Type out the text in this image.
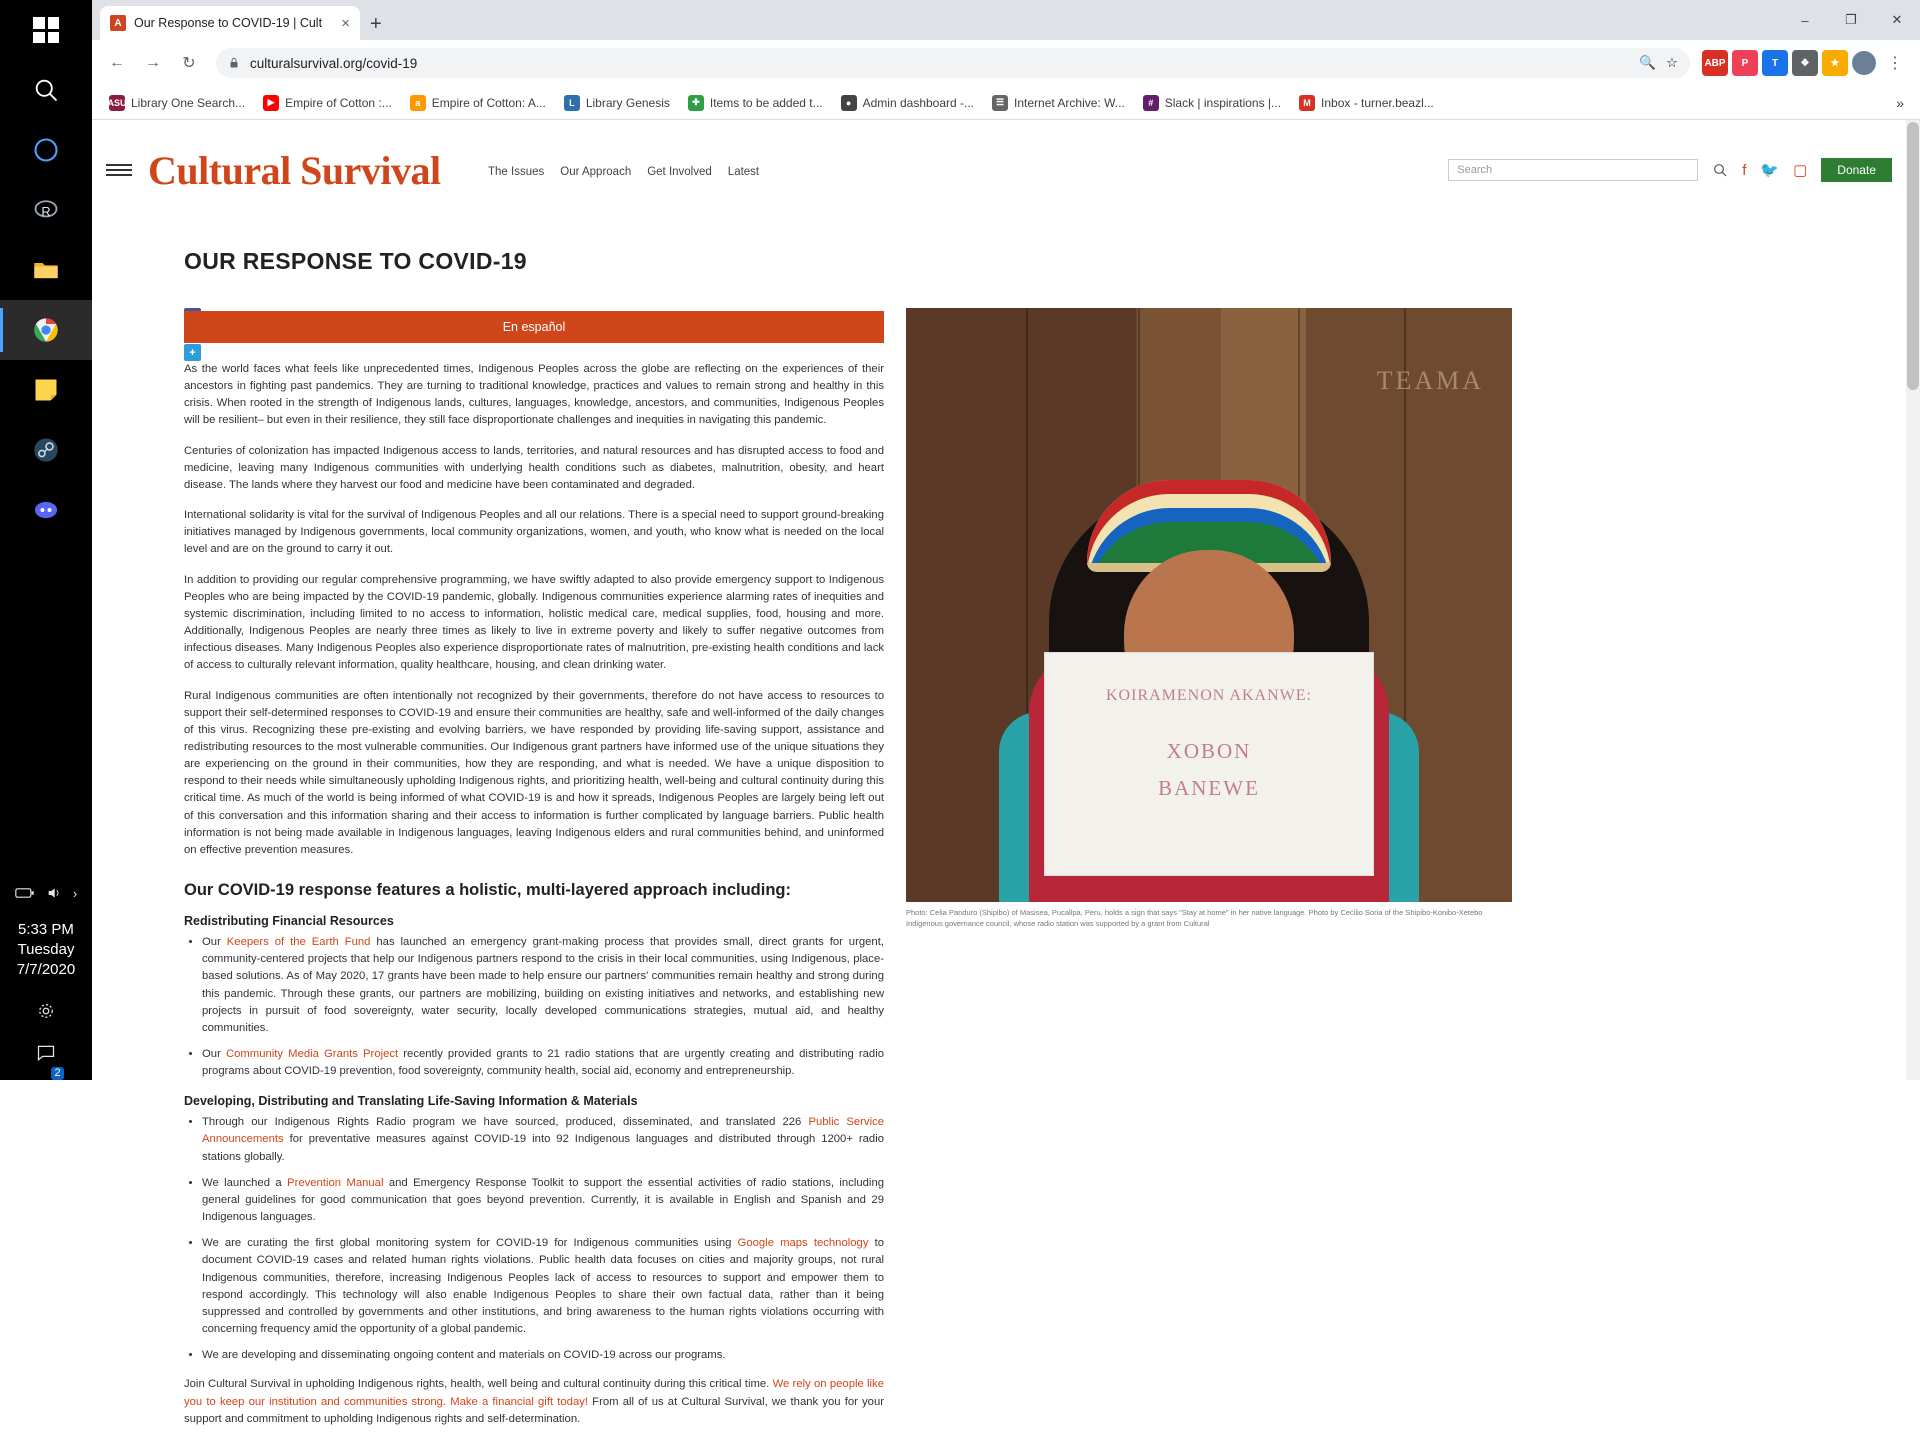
R
›
5:33 PM
Tuesday
7/7/2020
2
A Our Response to COVID-19 | Cult	× +	–	❐	✕
←	→	↻	culturalsurvival.org/covid-19	🔍 ☆	ABP	P	T	❖	★	⋮
ASU Library One Search...	▶ Empire of Cotton :...	a Empire of Cotton: A...	L Library Genesis	✚ Items to be added t...	● Admin dashboard -...	☰ Internet Archive: W...	# Slack | inspirations |...	M Inbox - turner.beazl...	»
Cultural Survival	The Issues Our Approach Get Involved Latest	Search	f 🐦 ▢	Donate
+
OUR RESPONSE TO COVID-19
En español

As the world faces what feels like unprecedented times, Indigenous Peoples across the globe are reflecting on the experiences of their ancestors in fighting past pandemics. They are turning to traditional knowledge, practices and values to remain strong and healthy in this crisis. When rooted in the strength of Indigenous lands, cultures, languages, knowledge, ancestors, and communities, Indigenous Peoples will be resilient– but even in their resilience, they still face disproportionate challenges and inequities in navigating this pandemic.

Centuries of colonization has impacted Indigenous access to lands, territories, and natural resources and has disrupted access to food and medicine, leaving many Indigenous communities with underlying health conditions such as diabetes, malnutrition, obesity, and heart disease. The lands where they harvest our food and medicine have been contaminated and degraded.

International solidarity is vital for the survival of Indigenous Peoples and all our relations. There is a special need to support ground-breaking initiatives managed by Indigenous governments, local community organizations, women, and youth, who know what is needed on the local level and are on the ground to carry it out.

In addition to providing our regular comprehensive programming, we have swiftly adapted to also provide emergency support to Indigenous Peoples who are being impacted by the COVID-19 pandemic, globally. Indigenous communities experience alarming rates of inequities and systemic discrimination, including limited to no access to information, holistic medical care, medical supplies, food, housing and more. Additionally, Indigenous Peoples are nearly three times as likely to live in extreme poverty and likely to suffer negative outcomes from infectious diseases. Many Indigenous Peoples also experience disproportionate rates of malnutrition, pre-existing health conditions and lack of access to culturally relevant information, quality healthcare, housing, and clean drinking water.

Rural Indigenous communities are often intentionally not recognized by their governments, therefore do not have access to resources to support their self-determined responses to COVID-19 and ensure their communities are healthy, safe and well-informed of the daily changes of this virus. Recognizing these pre-existing and evolving barriers, we have responded by providing life-saving support, assistance and redistributing resources to the most vulnerable communities. Our Indigenous grant partners have informed use of the unique situations they are experiencing on the ground in their communities, how they are responding, and what is needed. We have a unique disposition to respond to their needs while simultaneously upholding Indigenous rights, and prioritizing health, well-being and cultural continuity during this critical time. As much of the world is being informed of what COVID-19 is and how it spreads, Indigenous Peoples are largely being left out of this conversation and this information sharing and their access to information is further complicated by language barriers. Public health information is not being made available in Indigenous languages, leaving Indigenous elders and rural communities behind, and uninformed on effective prevention measures.

Our COVID-19 response features a holistic, multi-layered approach including:
Redistributing Financial Resources
• Our Keepers of the Earth Fund has launched an emergency grant-making process that provides small, direct grants for urgent, community-centered projects that help our Indigenous partners respond to the crisis in their local communities, using Indigenous, place-based solutions. As of May 2020, 17 grants have been made to help ensure our partners' communities remain healthy and strong during this pandemic. Through these grants, our partners are mobilizing, building on existing initiatives and networks, and establishing new projects in pursuit of food sovereignty, water security, locally developed communications strategies, mutual aid, and healthy communities.
• Our Community Media Grants Project recently provided grants to 21 radio stations that are urgently creating and distributing radio programs about COVID-19 prevention, food sovereignty, community health, social aid, economy and entrepreneurship.
Developing, Distributing and Translating Life-Saving Information & Materials
• Through our Indigenous Rights Radio program we have sourced, produced, disseminated, and translated 226 Public Service Announcements for preventative measures against COVID-19 into 92 Indigenous languages and distributed through 1200+ radio stations globally.
• We launched a Prevention Manual and Emergency Response Toolkit to support the essential activities of radio stations, including general guidelines for good communication that goes beyond prevention. Currently, it is available in English and Spanish and 29 Indigenous languages.
• We are curating the first global monitoring system for COVID-19 for Indigenous communities using Google maps technology to document COVID-19 cases and related human rights violations. Public health data focuses on cities and majority groups, not rural Indigenous communities, therefore, increasing Indigenous Peoples lack of access to resources to support and empower them to respond accordingly. This technology will also enable Indigenous Peoples to share their own factual data, rather than it being suppressed and controlled by governments and other institutions, and bring awareness to the human rights violations occurring with concerning frequency amid the opportunity of a global pandemic.
• We are developing and disseminating ongoing content and materials on COVID-19 across our programs.

Join Cultural Survival in upholding Indigenous rights, health, well being and cultural continuity during this critical time. We rely on people like you to keep our institution and communities strong. Make a financial gift today! From all of us at Cultural Survival, we thank you for your support and commitment to upholding Indigenous rights and self-determination.

TEAMA
KOIRAMENON AKANWE:
XOBON
BANEWE
Photo: Celia Panduro (Shipibo) of Masisea, Pucallpa, Peru, holds a sign that says "Stay at home" in her native language. Photo by Cecilio Soria of the Shipibo-Konibo-Xetebo Indigenous governance council, whose radio station was supported by a grant from Cultural
